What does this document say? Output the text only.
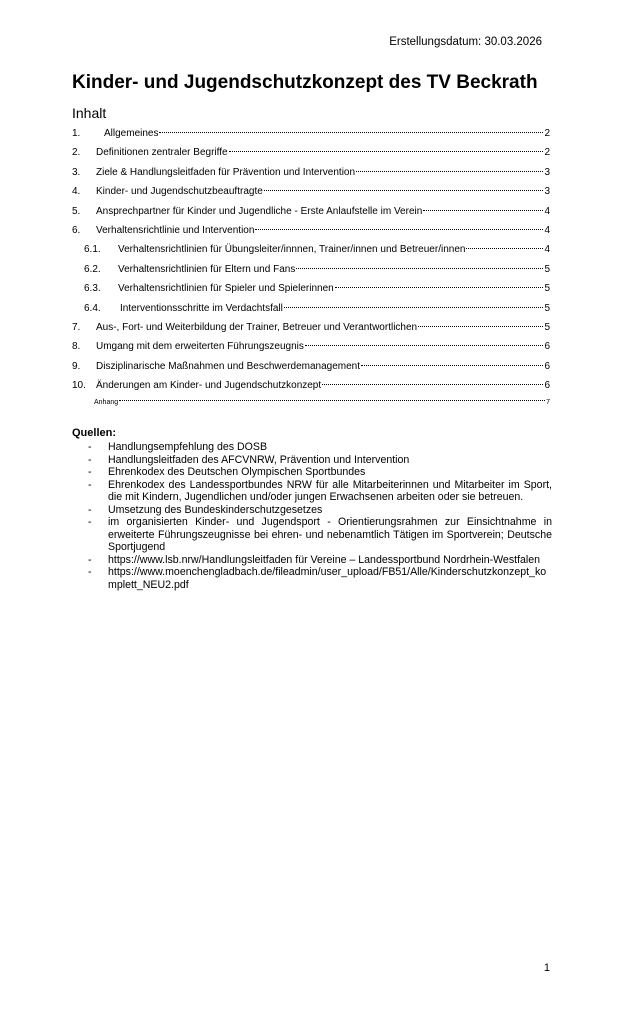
Erstellungsdatum: 30.03.2026
Kinder- und Jugendschutzkonzept des TV Beckrath
Inhalt
1.	Allgemeines	2
2.	Definitionen zentraler Begriffe	2
3.	Ziele & Handlungsleitfaden für Prävention und Intervention	3
4.	Kinder- und Jugendschutzbeauftragte	3
5.	Ansprechpartner für Kinder und Jugendliche - Erste Anlaufstelle im Verein	4
6.	Verhaltensrichtlinie und Intervention	4
6.1.	Verhaltensrichtlinien für Übungsleiter/innnen, Trainer/innen und Betreuer/innen	4
6.2.	Verhaltensrichtlinien für Eltern und Fans	5
6.3.	Verhaltensrichtlinien für Spieler und Spielerinnen	5
6.4.	Interventionsschritte im Verdachtsfall	5
7.	Aus-, Fort- und Weiterbildung der Trainer, Betreuer und Verantwortlichen	5
8.	Umgang mit dem erweiterten Führungszeugnis	6
9.	Disziplinarische Maßnahmen und Beschwerdemanagement	6
10.	Änderungen am Kinder- und Jugendschutzkonzept	6
Anhang	7
Quellen:
- Handlungsempfehlung des DOSB
- Handlungsleitfaden des AFCVNRW, Prävention und Intervention
- Ehrenkodex des Deutschen Olympischen Sportbundes
- Ehrenkodex des Landessportbundes NRW für alle Mitarbeiterinnen und Mitarbeiter im Sport, die mit Kindern, Jugendlichen und/oder jungen Erwachsenen arbeiten oder sie betreuen.
- Umsetzung des Bundeskinderschutzgesetzes
- im organisierten Kinder- und Jugendsport - Orientierungsrahmen zur Einsichtnahme in erweiterte Führungszeugnisse bei ehren- und nebenamtlich Tätigen im Sportverein; Deutsche Sportjugend
- https://www.lsb.nrw/Handlungsleitfaden für Vereine – Landessportbund Nordrhein-Westfalen
- https://www.moenchengladbach.de/fileadmin/user_upload/FB51/Alle/Kinderschutzkonzept_komplett_NEU2.pdf
1
